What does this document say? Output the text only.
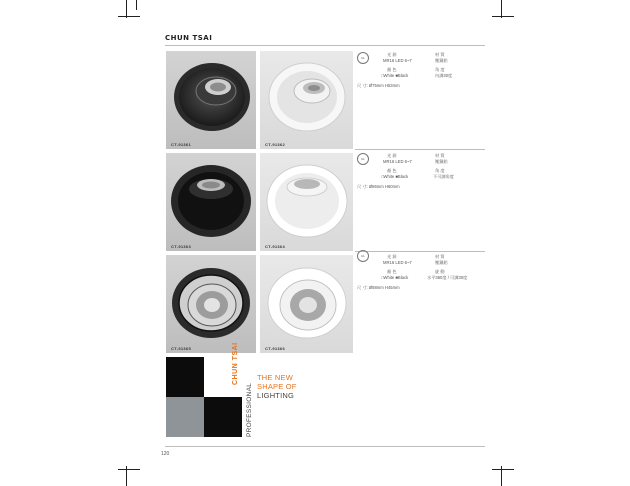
CHUN TSAI
CT-91361	CT-91362
CT-91363	CT-91364
CT-91365	CT-91366
UL
光 源	材 質
MR16 LED 6~7	壓鑄鋁
顏 色	角 度
□White ■Black	內調30度
尺 寸: Ø75mm H53mm
UL
光 源	材 質
MR16 LED 6~7	壓鑄鋁
顏 色	角 度
□White ■Black	不可調角度
尺 寸: Ø86mm H60mm
UL	光 源	材 質
MR16 LED 6~7	壓鑄鋁
顏 色	旋 動
□White ■Black	水平360度 / 可調30度
尺 寸: Ø88mm H45mm
CHUN TSAI
PROFESSIONAL
THE NEW
SHAPE OF
LIGHTING
120
